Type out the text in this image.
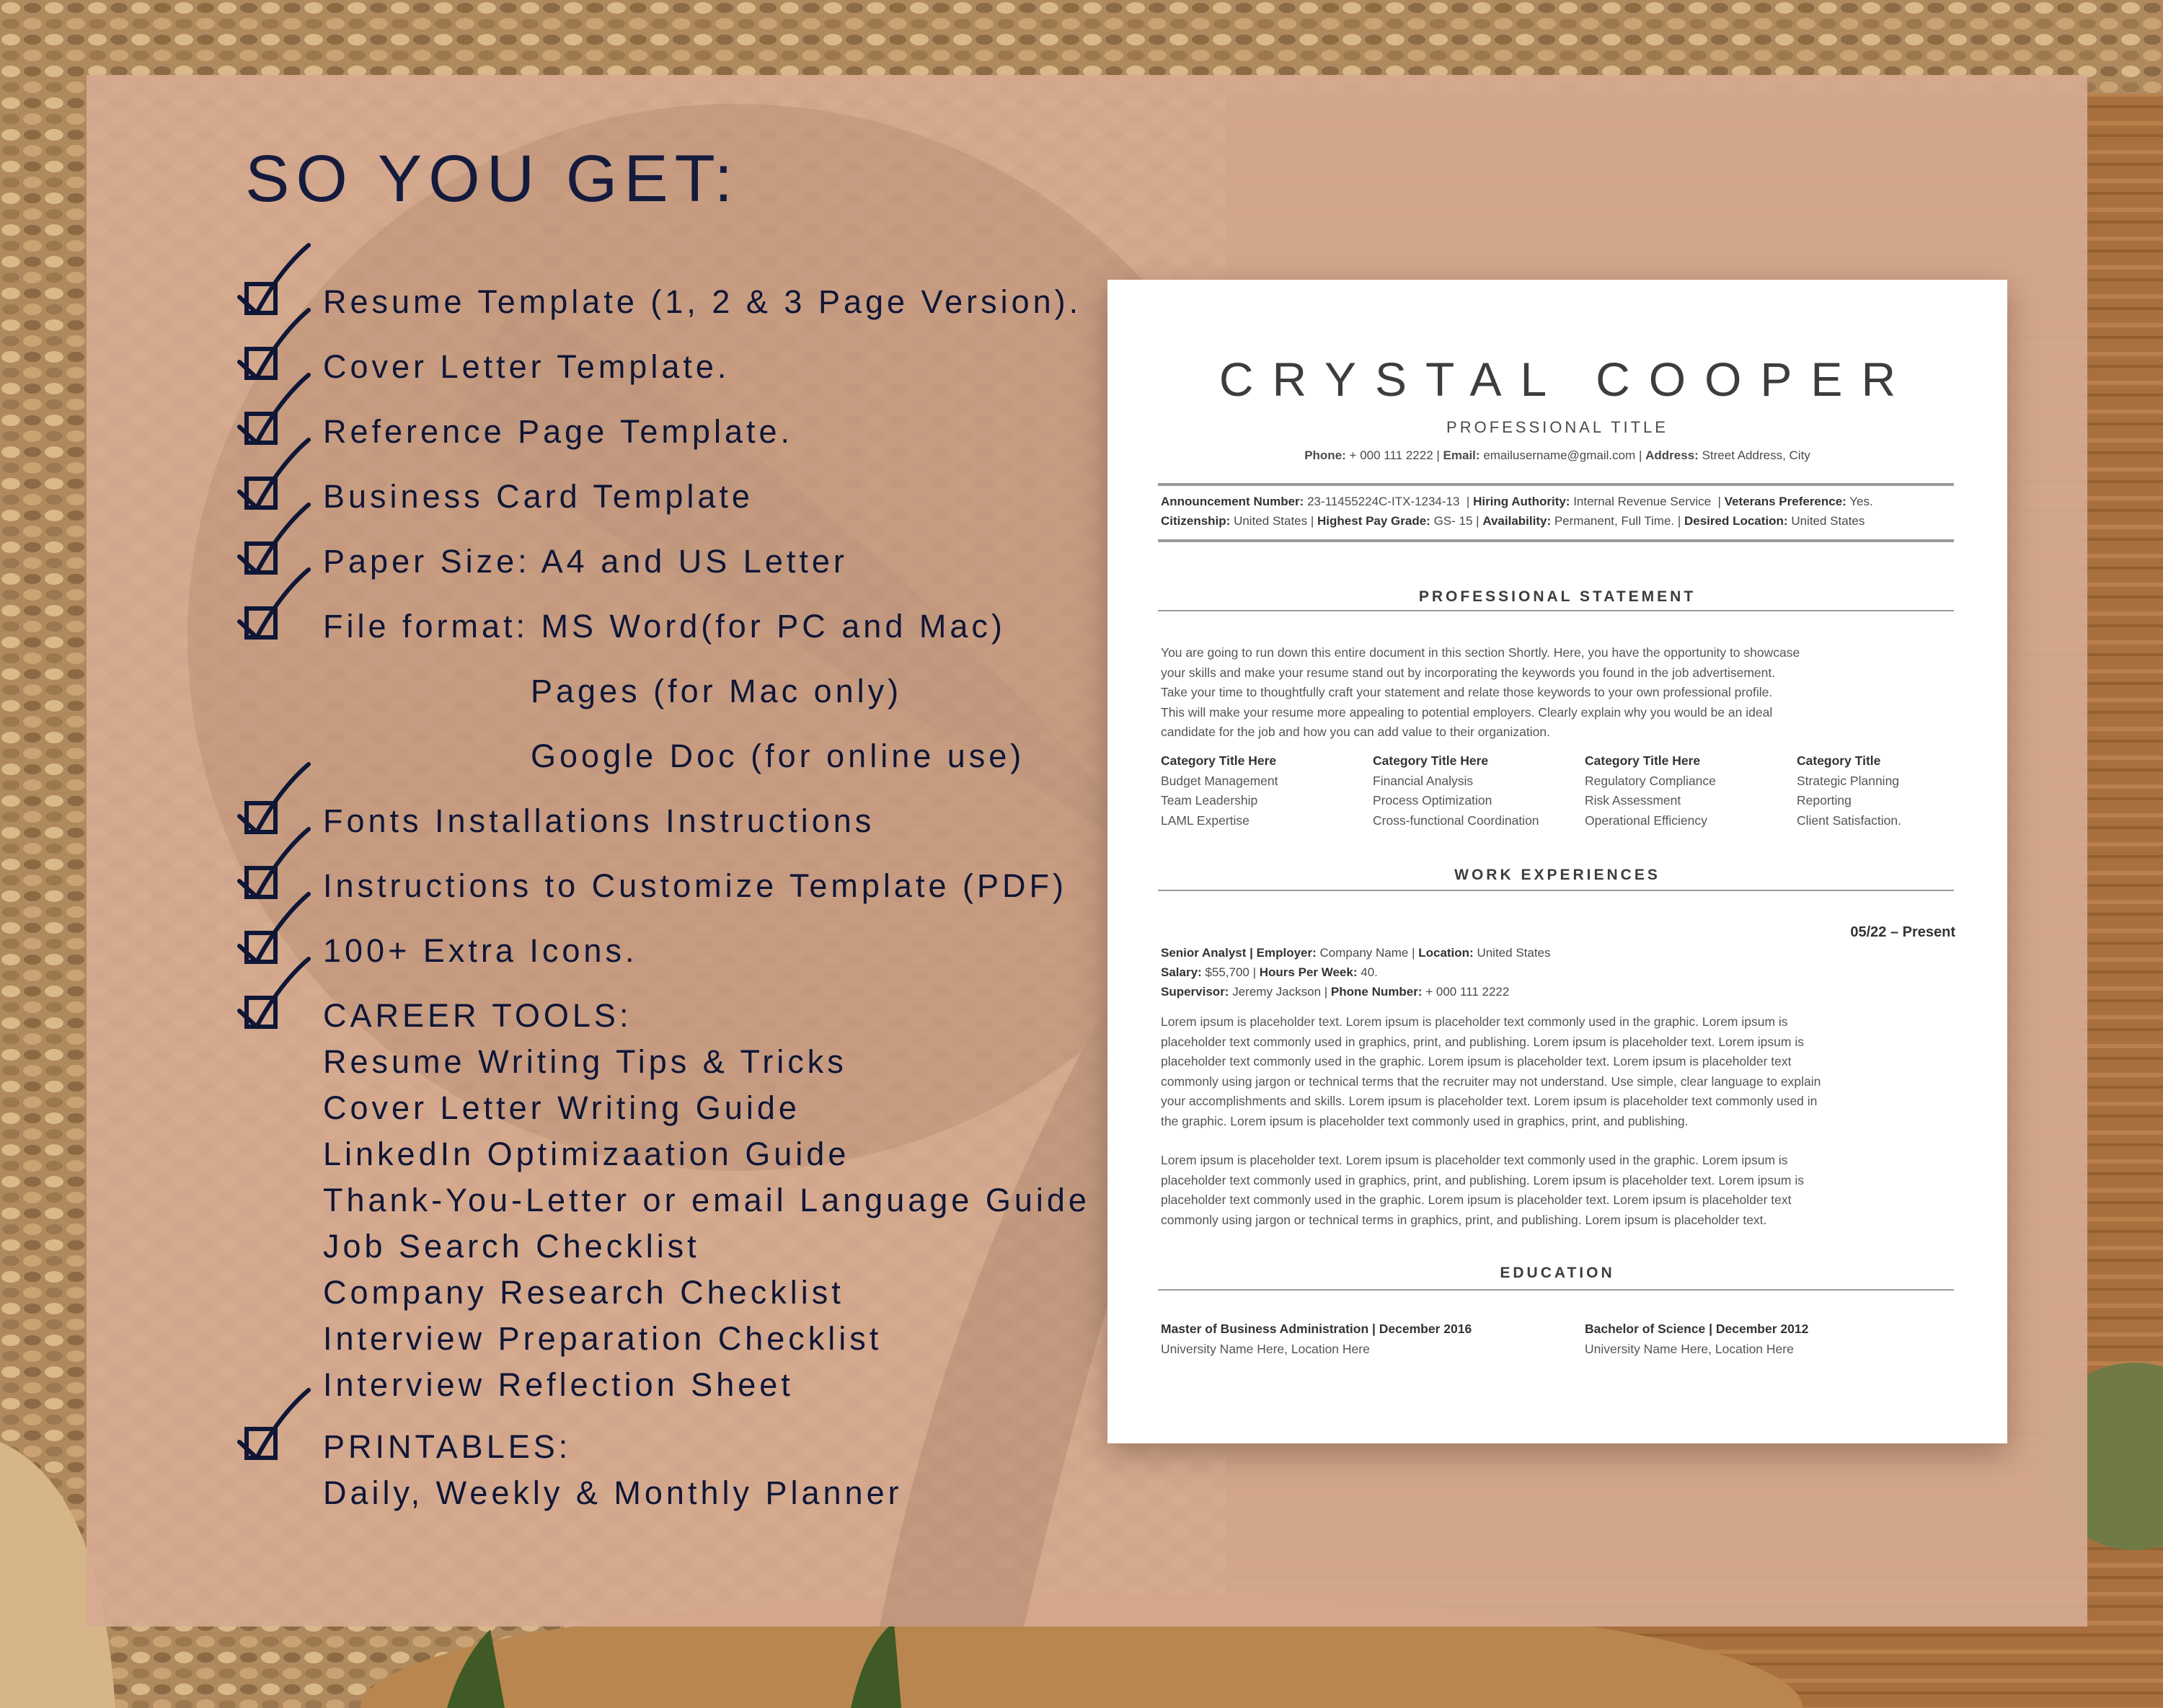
SO YOU GET:
Resume Template (1, 2 & 3 Page Version).
Cover Letter Template.
Reference Page Template.
Business Card Template
Paper Size: A4 and US Letter
File format: MS Word(for PC and Mac)
Pages (for Mac only)
Google Doc (for online use)
Fonts Installations Instructions
Instructions to Customize Template (PDF)
100+ Extra Icons.
CAREER TOOLS:
PRINTABLES:
Resume Writing Tips & Tricks
Cover Letter Writing Guide
LinkedIn Optimizaation Guide
Thank-You-Letter or email Language Guide
Job Search Checklist
Company Research Checklist
Interview Preparation Checklist
Interview Reflection Sheet
Daily, Weekly & Monthly Planner
CRYSTAL COOPER
PROFESSIONAL TITLE
Phone: + 000 111 2222 | Email: emailusername@gmail.com | Address: Street Address, City
Announcement Number: 23-11455224C-ITX-1234-13  | Hiring Authority: Internal Revenue Service  | Veterans Preference: Yes.
Citizenship: United States | Highest Pay Grade: GS- 15 | Availability: Permanent, Full Time. | Desired Location: United States
PROFESSIONAL STATEMENT

You are going to run down this entire document in this section Shortly. Here, you have the opportunity to showcase

your skills and make your resume stand out by incorporating the keywords you found in the job advertisement.

Take your time to thoughtfully craft your statement and relate those keywords to your own professional profile.

This will make your resume more appealing to potential employers. Clearly explain why you would be an ideal

candidate for the job and how you can add value to their organization.

Category Title Here
Budget Management
Team Leadership
LAML Expertise
Category Title Here
Financial Analysis
Process Optimization
Cross-functional Coordination
Category Title Here
Regulatory Compliance
Risk Assessment
Operational Efficiency
Category Title
Strategic Planning
Reporting
Client Satisfaction.
WORK EXPERIENCES
05/22 – Present
Senior Analyst | Employer: Company Name | Location: United States
Salary: $55,700 | Hours Per Week: 40.
Supervisor: Jeremy Jackson | Phone Number: + 000 111 2222

Lorem ipsum is placeholder text. Lorem ipsum is placeholder text commonly used in the graphic. Lorem ipsum is

placeholder text commonly used in graphics, print, and publishing. Lorem ipsum is placeholder text. Lorem ipsum is

placeholder text commonly used in the graphic. Lorem ipsum is placeholder text. Lorem ipsum is placeholder text

commonly using jargon or technical terms that the recruiter may not understand. Use simple, clear language to explain

your accomplishments and skills. Lorem ipsum is placeholder text. Lorem ipsum is placeholder text commonly used in

the graphic. Lorem ipsum is placeholder text commonly used in graphics, print, and publishing.

Lorem ipsum is placeholder text. Lorem ipsum is placeholder text commonly used in the graphic. Lorem ipsum is

placeholder text commonly used in graphics, print, and publishing. Lorem ipsum is placeholder text. Lorem ipsum is

placeholder text commonly used in the graphic. Lorem ipsum is placeholder text. Lorem ipsum is placeholder text

commonly using jargon or technical terms in graphics, print, and publishing. Lorem ipsum is placeholder text.

EDUCATION
Master of Business Administration | December 2016
University Name Here, Location Here
Bachelor of Science | December 2012
University Name Here, Location Here
